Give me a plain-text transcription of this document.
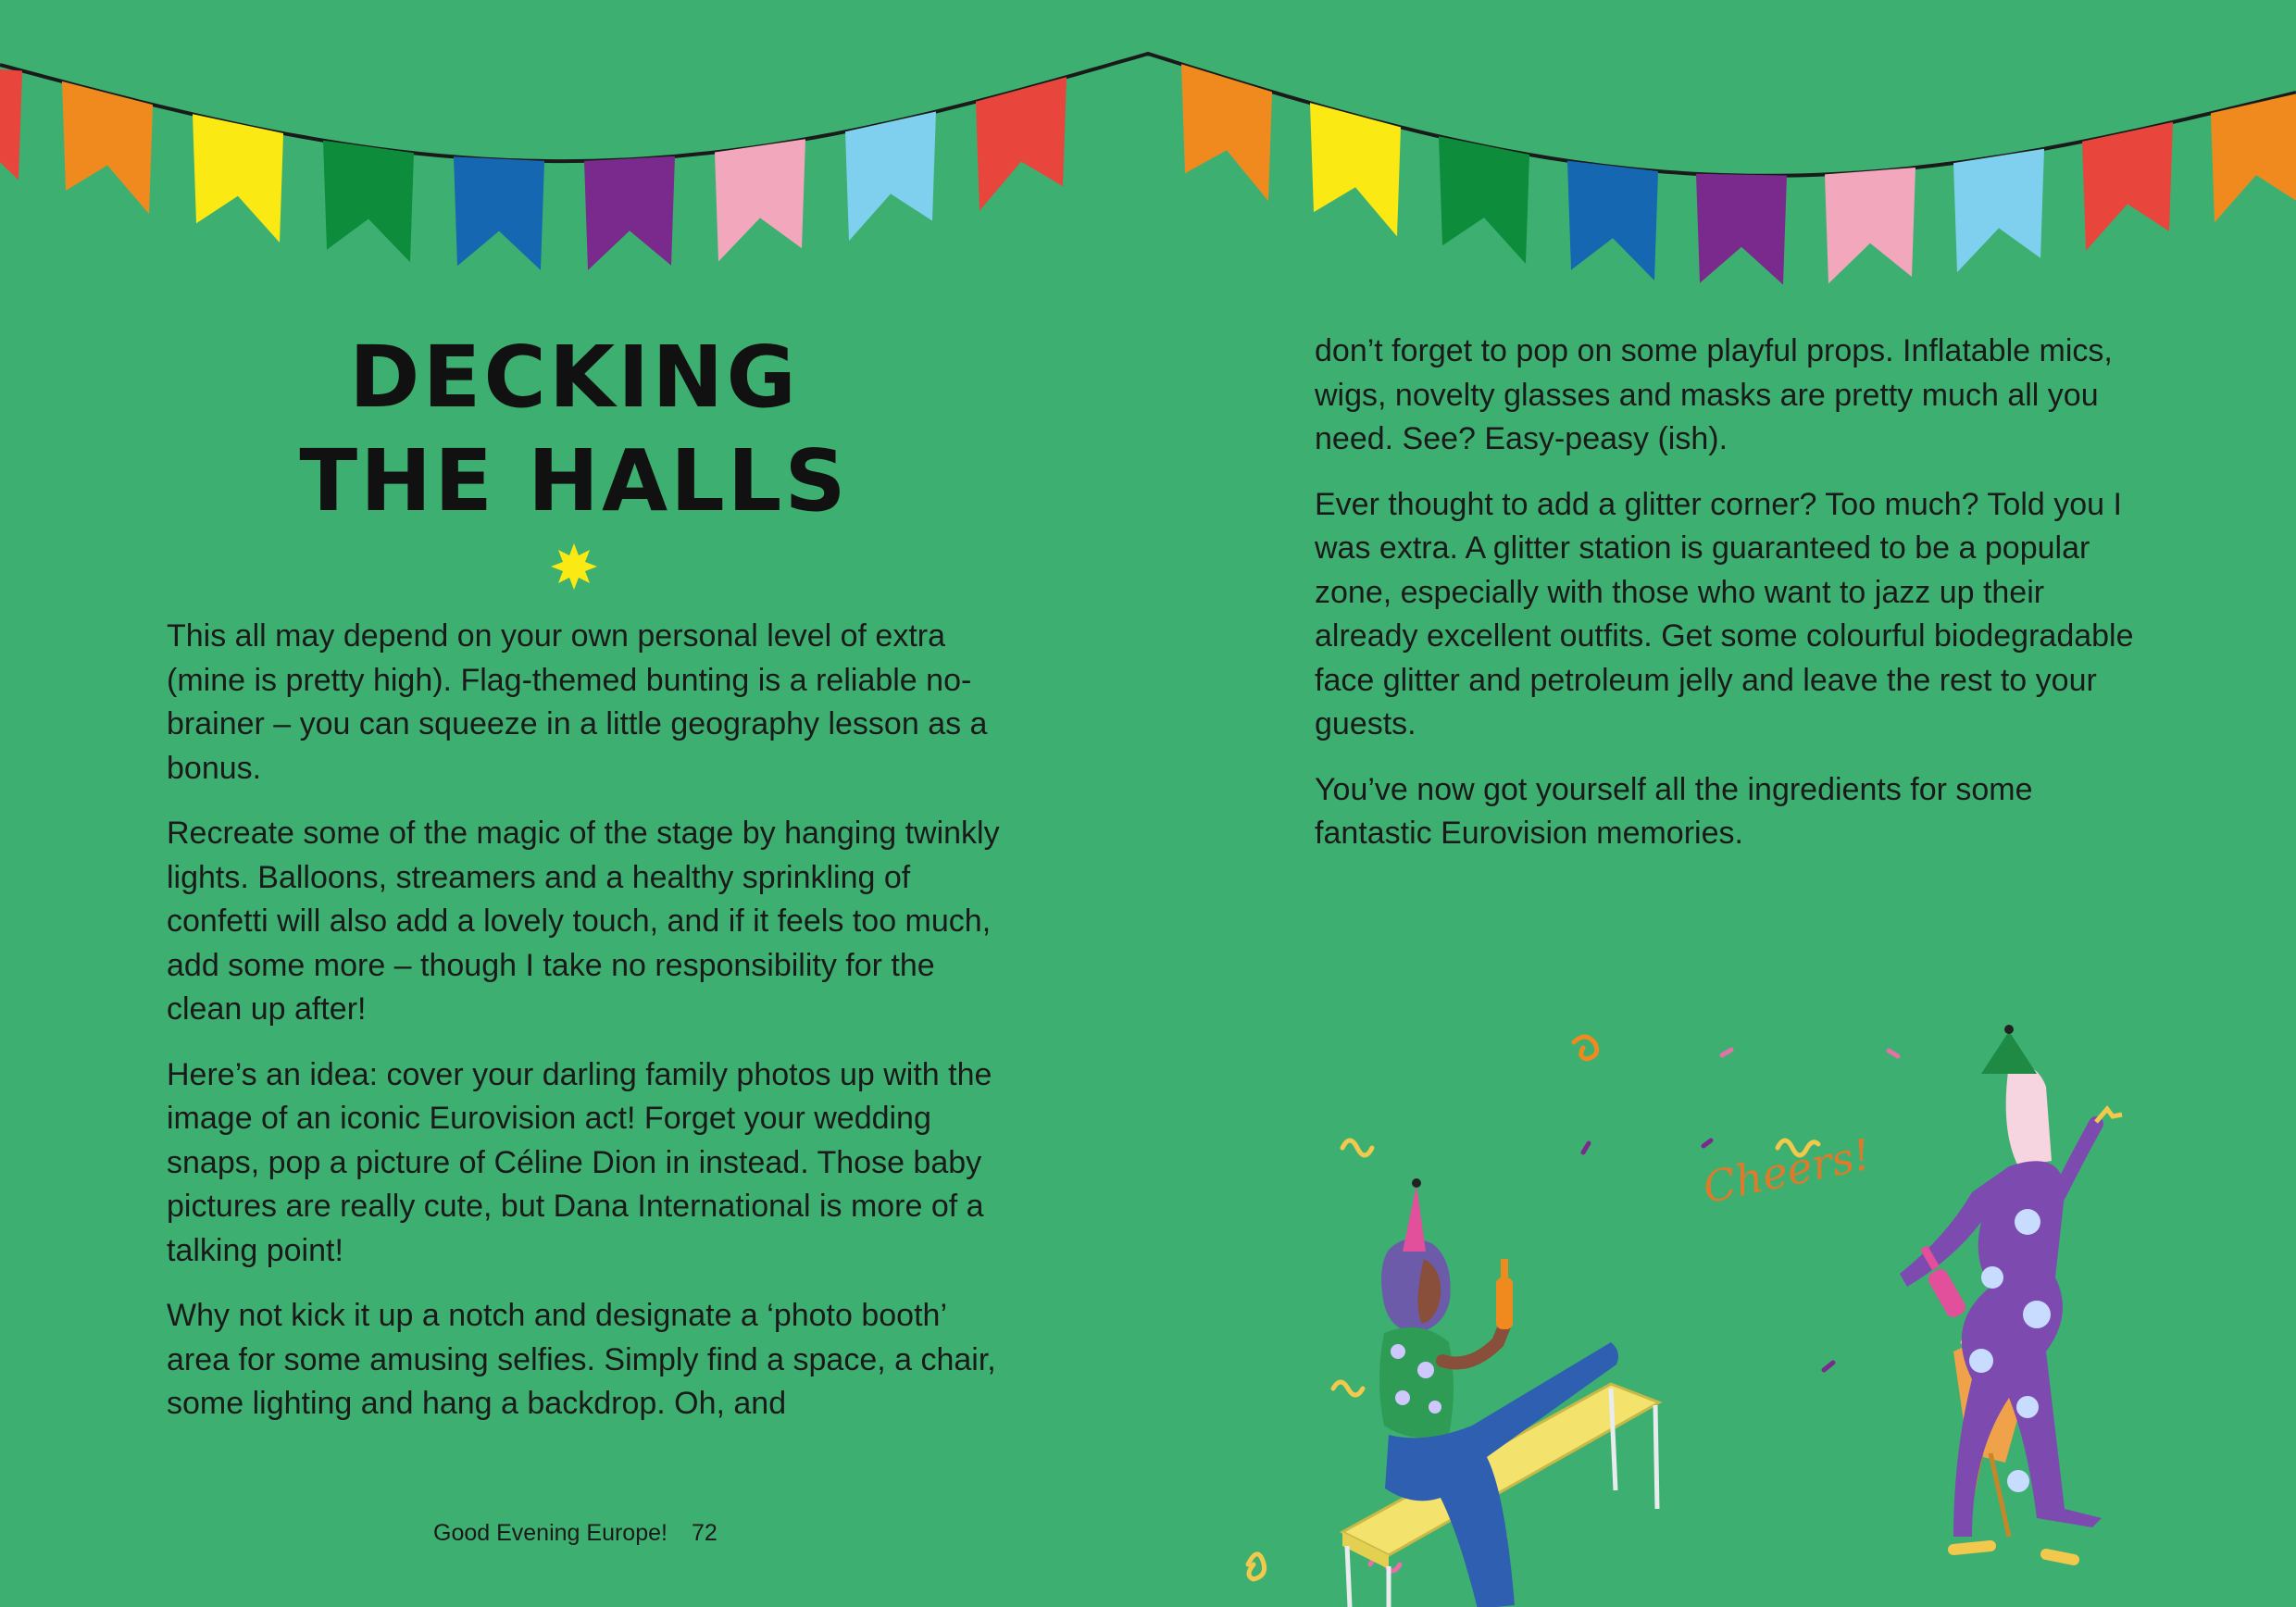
DECKING
THE HALLS

This all may depend on your own personal level of extra (mine is pretty high). Flag-themed bunting is a reliable no-brainer – you can squeeze in a little geography lesson as a bonus.

Recreate some of the magic of the stage by hanging twinkly lights. Balloons, streamers and a healthy sprinkling of confetti will also add a lovely touch, and if it feels too much, add some more – though I take no responsibility for the clean up after!

Here’s an idea: cover your darling family photos up with the image of an iconic Eurovision act! Forget your wedding snaps, pop a picture of Céline Dion in instead. Those baby pictures are really cute, but Dana International is more of a talking point!

Why not kick it up a notch and designate a ‘photo booth’ area for some amusing selfies. Simply find a space, a chair, some lighting and hang a backdrop. Oh, and

Good Evening Europe! 72

don’t forget to pop on some playful props. Inflatable mics, wigs, novelty glasses and masks are pretty much all you need. See? Easy-peasy (ish).

Ever thought to add a glitter corner? Too much? Told you I was extra. A glitter station is guaranteed to be a popular zone, especially with those who want to jazz up their already excellent outfits. Get some colourful biodegradable face glitter and petroleum jelly and leave the rest to your guests.

You’ve now got yourself all the ingredients for some fantastic Eurovision memories.

Cheers!
